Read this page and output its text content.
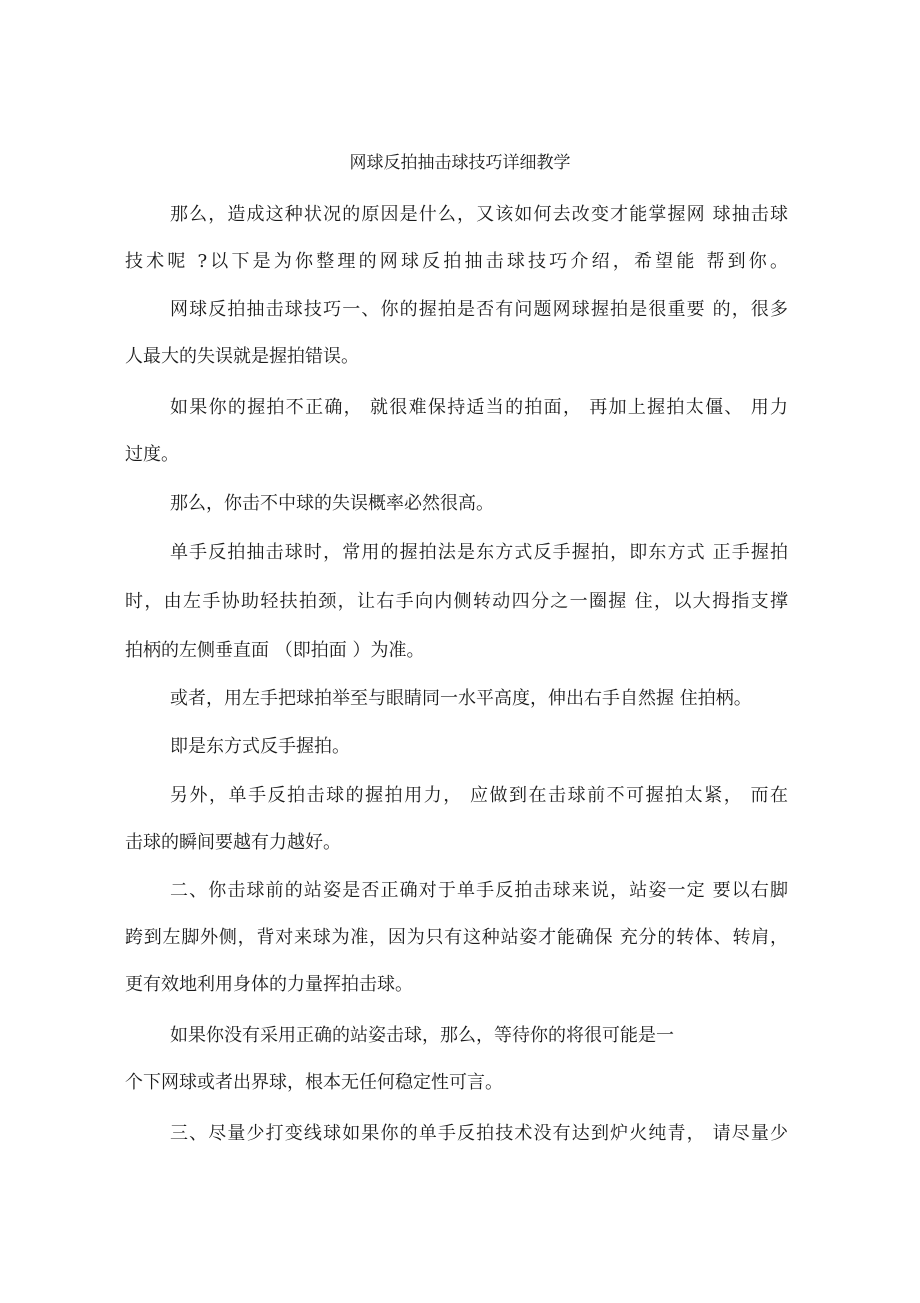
网球反拍抽击球技巧详细教学

那么，造成这种状况的原因是什么，又该如何去改变才能掌握网 球抽击球

技术呢 ?以下是为你整理的网球反拍抽击球技巧介绍，希望能 帮到你。

网球反拍抽击球技巧一、你的握拍是否有问题网球握拍是很重要 的，很多

人最大的失误就是握拍错误。

如果你的握拍不正确， 就很难保持适当的拍面， 再加上握拍太僵、 用力

过度。

那么，你击不中球的失误概率必然很高。

单手反拍抽击球时，常用的握拍法是东方式反手握拍，即东方式 正手握拍

时，由左手协助轻扶拍颈，让右手向内侧转动四分之一圈握 住，以大拇指支撑

拍柄的左侧垂直面 （即拍面 ）为准。

或者，用左手把球拍举至与眼睛同一水平高度，伸出右手自然握 住拍柄。

即是东方式反手握拍。

另外，单手反拍击球的握拍用力， 应做到在击球前不可握拍太紧， 而在

击球的瞬间要越有力越好。

二、你击球前的站姿是否正确对于单手反拍击球来说，站姿一定 要以右脚

跨到左脚外侧，背对来球为准，因为只有这种站姿才能确保 充分的转体、转肩，

更有效地利用身体的力量挥拍击球。

如果你没有采用正确的站姿击球，那么，等待你的将很可能是一

个下网球或者出界球，根本无任何稳定性可言。

三、尽量少打变线球如果你的单手反拍技术没有达到炉火纯青， 请尽量少
